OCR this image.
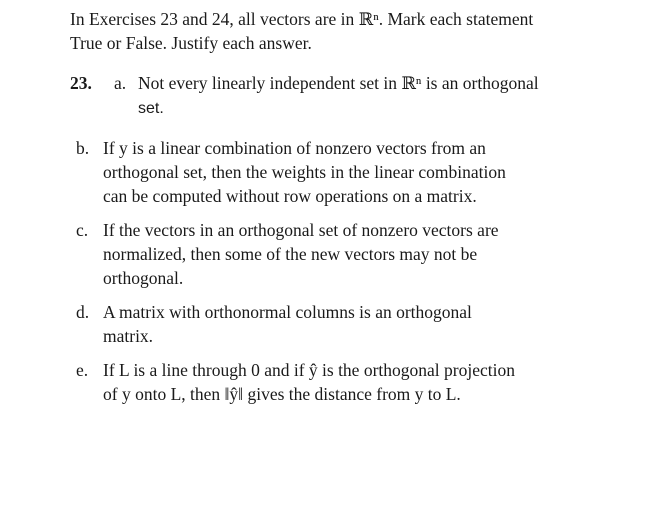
In Exercises 23 and 24, all vectors are in ℝⁿ. Mark each statement
True or False. Justify each answer.
23. a. Not every linearly independent set in ℝⁿ is an orthogonal
set.
b. If y is a linear combination of nonzero vectors from an
orthogonal set, then the weights in the linear combination
can be computed without row operations on a matrix.
c. If the vectors in an orthogonal set of nonzero vectors are
normalized, then some of the new vectors may not be
orthogonal.
d. A matrix with orthonormal columns is an orthogonal
matrix.
e. If L is a line through 0 and if ŷ is the orthogonal projection
of y onto L, then ‖ŷ‖ gives the distance from y to L.
